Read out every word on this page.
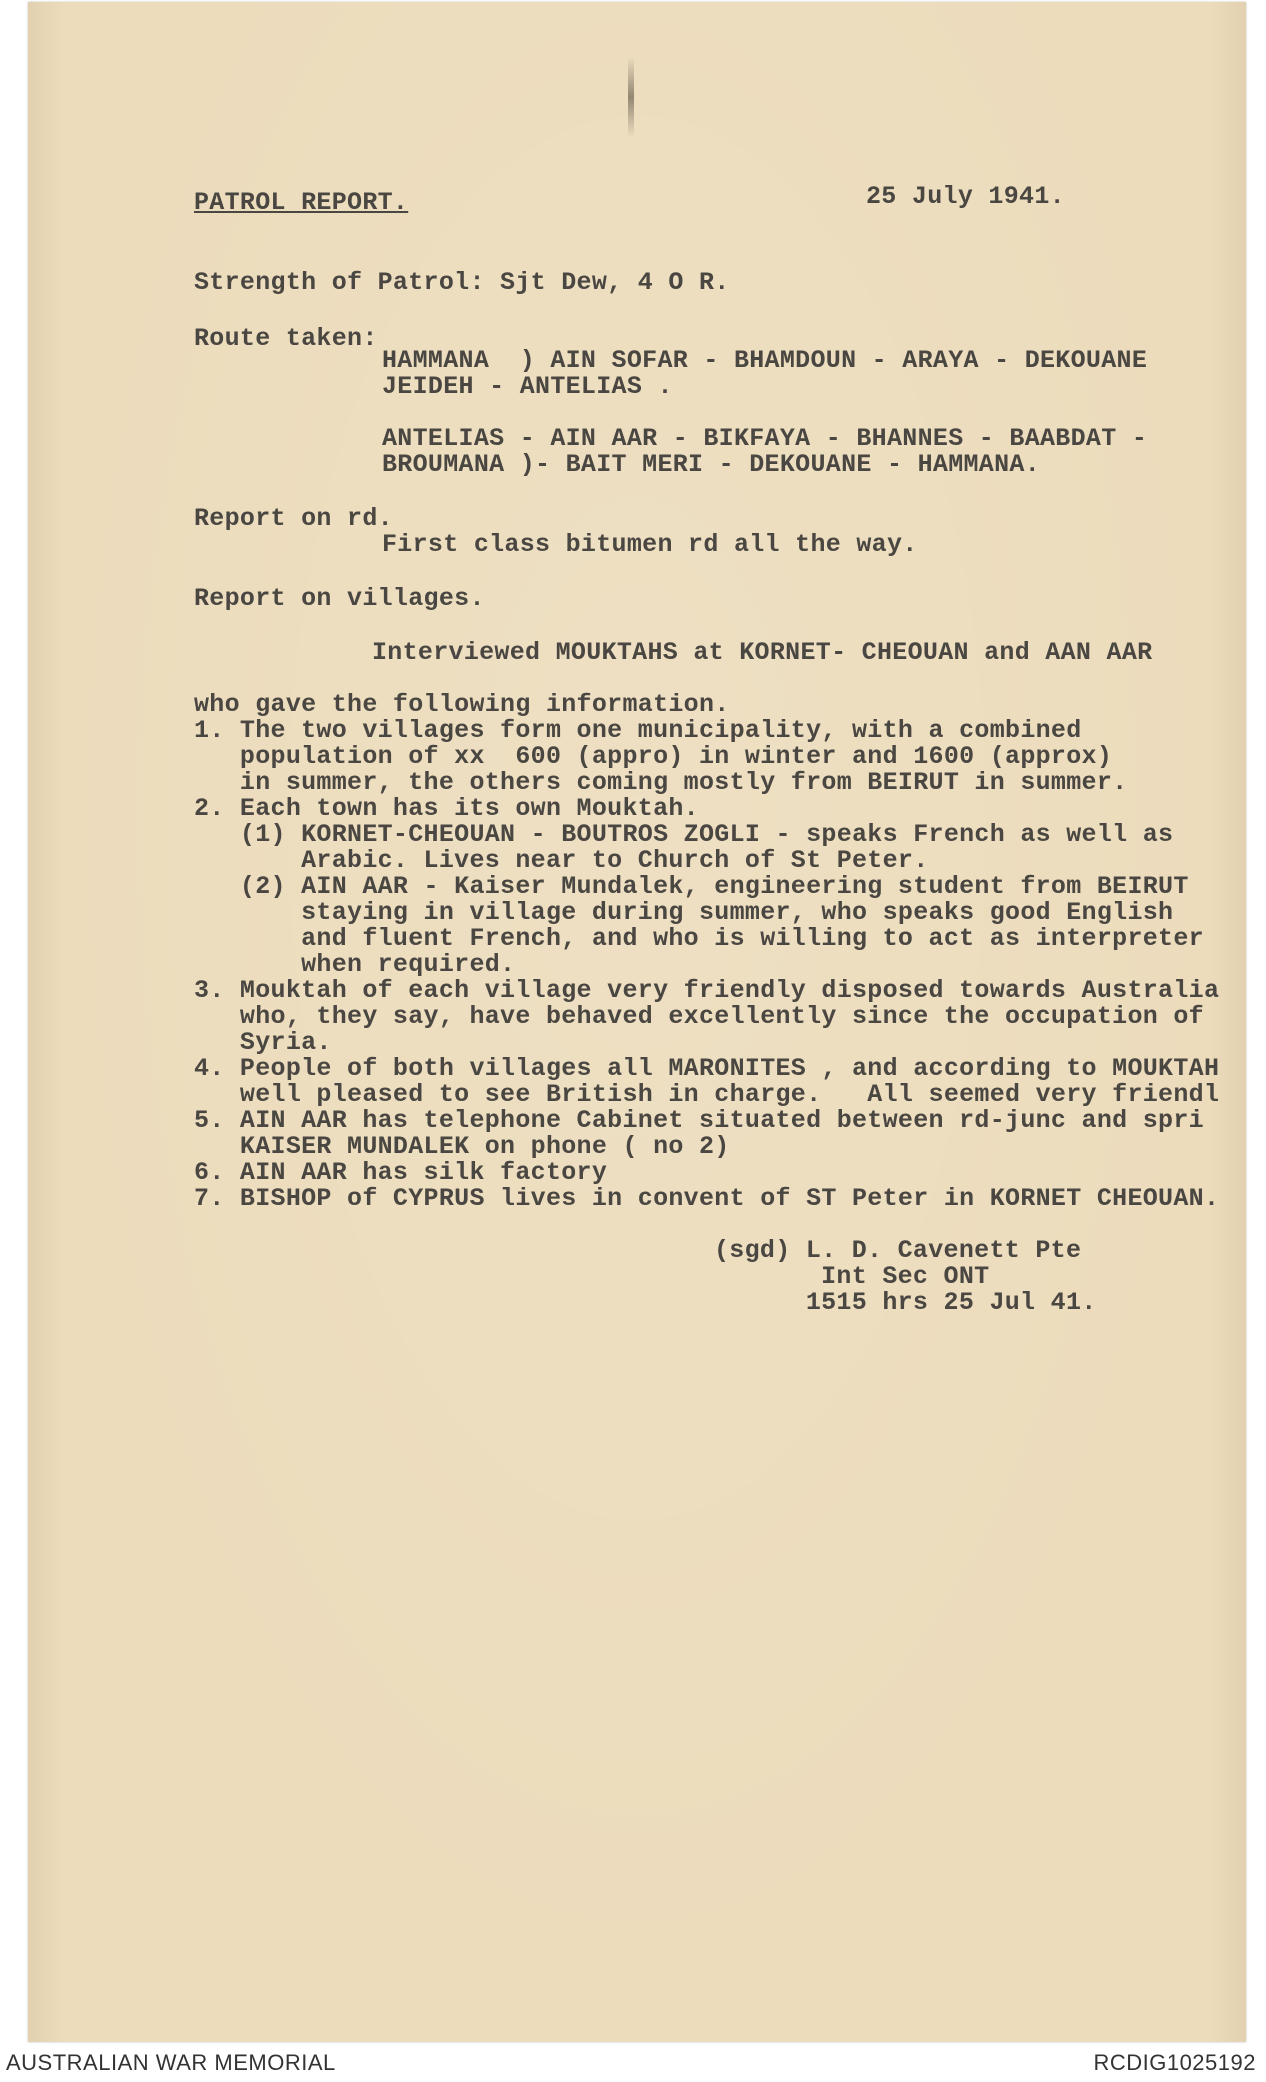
PATROL REPORT.	25 July 1941.
Strength of Patrol: Sjt Dew, 4 O R.
Route taken:
HAMMANA  ) AIN SOFAR - BHAMDOUN - ARAYA - DEKOUANE
JEIDEH - ANTELIAS .
ANTELIAS - AIN AAR - BIKFAYA - BHANNES - BAABDAT -
BROUMANA )- BAIT MERI - DEKOUANE - HAMMANA.
Report on rd.
First class bitumen rd all the way.
Report on villages.
Interviewed MOUKTAHS at KORNET- CHEOUAN and AAN AAR
who gave the following information.
1. The two villages form one municipality, with a combined
population of xx  600 (appro) in winter and 1600 (approx)
in summer, the others coming mostly from BEIRUT in summer.
2. Each town has its own Mouktah.
(1) KORNET-CHEOUAN - BOUTROS ZOGLI - speaks French as well as
Arabic. Lives near to Church of St Peter.
(2) AIN AAR - Kaiser Mundalek, engineering student from BEIRUT
staying in village during summer, who speaks good English
and fluent French, and who is willing to act as interpreter
when required.
3. Mouktah of each village very friendly disposed towards Australia
who, they say, have behaved excellently since the occupation of
Syria.
4. People of both villages all MARONITES , and according to MOUKTAH
well pleased to see British in charge.   All seemed very friendl
5. AIN AAR has telephone Cabinet situated between rd-junc and spri
KAISER MUNDALEK on phone ( no 2)
6. AIN AAR has silk factory
7. BISHOP of CYPRUS lives in convent of ST Peter in KORNET CHEOUAN.
(sgd) L. D. Cavenett Pte
Int Sec ONT
1515 hrs 25 Jul 41.
AUSTRALIAN WAR MEMORIAL	RCDIG1025192
